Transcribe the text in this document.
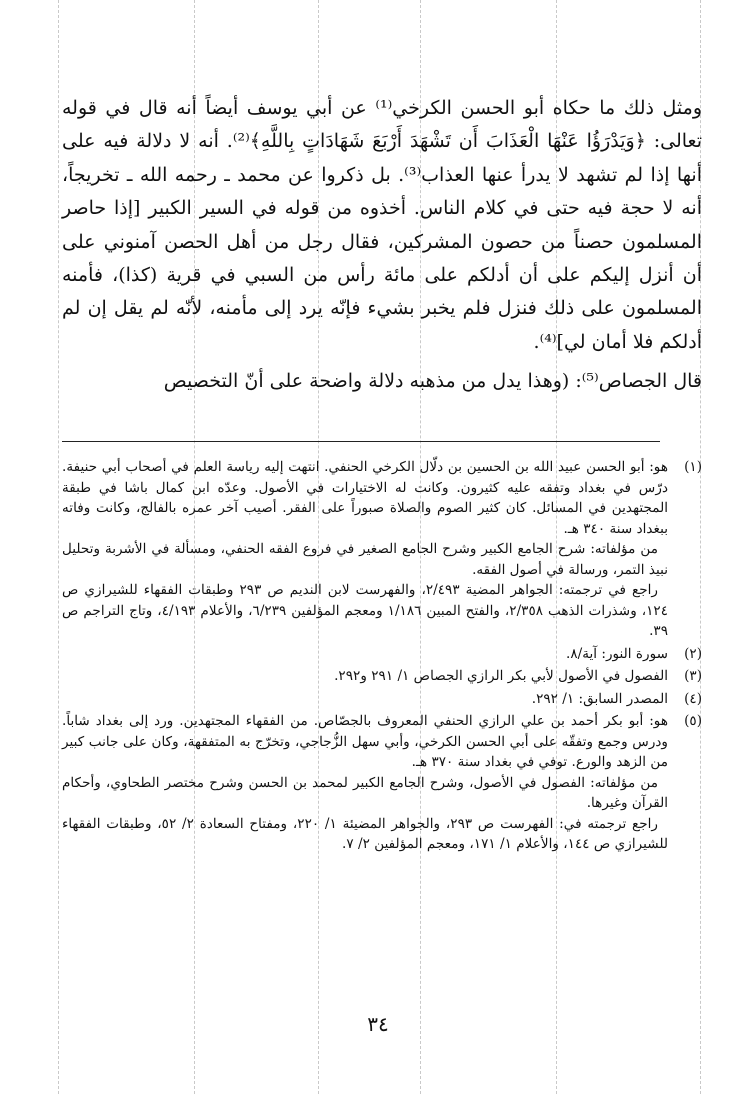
ومثل ذلك ما حكاه أبو الحسن الكرخي⁽¹⁾ عن أبي يوسف أيضاً أنه قال في قوله تعالى: ﴿وَيَدْرَؤُا عَنْهَا الْعَذَابَ أَن تَشْهَدَ أَرْبَعَ شَهَادَاتٍ بِاللَّهِ﴾⁽²⁾. أنه لا دلالة فيه على أنها إذا لم تشهد لا يدرأ عنها العذاب⁽³⁾. بل ذكروا عن محمد ـ رحمه الله ـ تخريجاً، أنه لا حجة فيه حتى في كلام الناس. أخذوه من قوله في السير الكبير [إذا حاصر المسلمون حصناً من حصون المشركين، فقال رجل من أهل الحصن آمنوني على أن أنزل إليكم على أن أدلكم على مائة رأس من السبي في قرية (كذا)، فأمنه المسلمون على ذلك فنزل فلم يخبر بشيء فإنّه يرد إلى مأمنه، لأنّه لم يقل إن لم أدلكم فلا أمان لي]⁽⁴⁾.

قال الجصاص⁽⁵⁾: (وهذا يدل من مذهبه دلالة واضحة على أنّ التخصيص

(١)

هو: أبو الحسن عبيد الله بن الحسين بن دلّال الكرخي الحنفي. انتهت إليه رياسة العلم في أصحاب أبي حنيفة. درّس في بغداد وتفقه عليه كثيرون. وكانت له الاختيارات في الأصول. وعدّه ابن كمال باشا في طبقة المجتهدين في المسائل. كان كثير الصوم والصلاة صبوراً على الفقر. أصيب آخر عمره بالفالج، وكانت وفاته ببغداد سنة ٣٤٠ هـ.

من مؤلفاته: شرح الجامع الكبير وشرح الجامع الصغير في فروع الفقه الحنفي، ومسألة في الأشربة وتحليل نبيذ التمر، ورسالة في أصول الفقه.

راجع في ترجمته: الجواهر المضية ٢/٤٩٣، والفهرست لابن النديم ص ٢٩٣ وطبقات الفقهاء للشيرازي ص ١٢٤، وشذرات الذهب ٢/٣٥٨، والفتح المبين ١/١٨٦ ومعجم المؤلفين ٦/٢٣٩، والأعلام ٤/١٩٣، وتاج التراجم ص ٣٩.

(٢)

سورة النور: آية/٨.

(٣)

الفصول في الأصول لأبي بكر الرازي الجصاص ١/ ٢٩١ و٢٩٢.

(٤)

المصدر السابق: ١/ ٢٩٢.

(٥)

هو: أبو بكر أحمد بن علي الرازي الحنفي المعروف بالجصّاص. من الفقهاء المجتهدين. ورد إلى بغداد شاباً. ودرس وجمع وتفقّه على أبي الحسن الكرخي، وأبي سهل الزُّجاجي، وتخرّج به المتفقهة، وكان على جانب كبير من الزهد والورع. توفي في بغداد سنة ٣٧٠ هـ.

من مؤلفاته: الفصول في الأصول، وشرح الجامع الكبير لمحمد بن الحسن وشرح مختصر الطحاوي، وأحكام القرآن وغيرها.

راجع ترجمته في: الفهرست ص ٢٩٣، والجواهر المضيئة ١/ ٢٢٠، ومفتاح السعادة ٢/ ٥٢، وطبقات الفقهاء للشيرازي ص ١٤٤، والأعلام ١/ ١٧١، ومعجم المؤلفين ٢/ ٧.

٣٤
